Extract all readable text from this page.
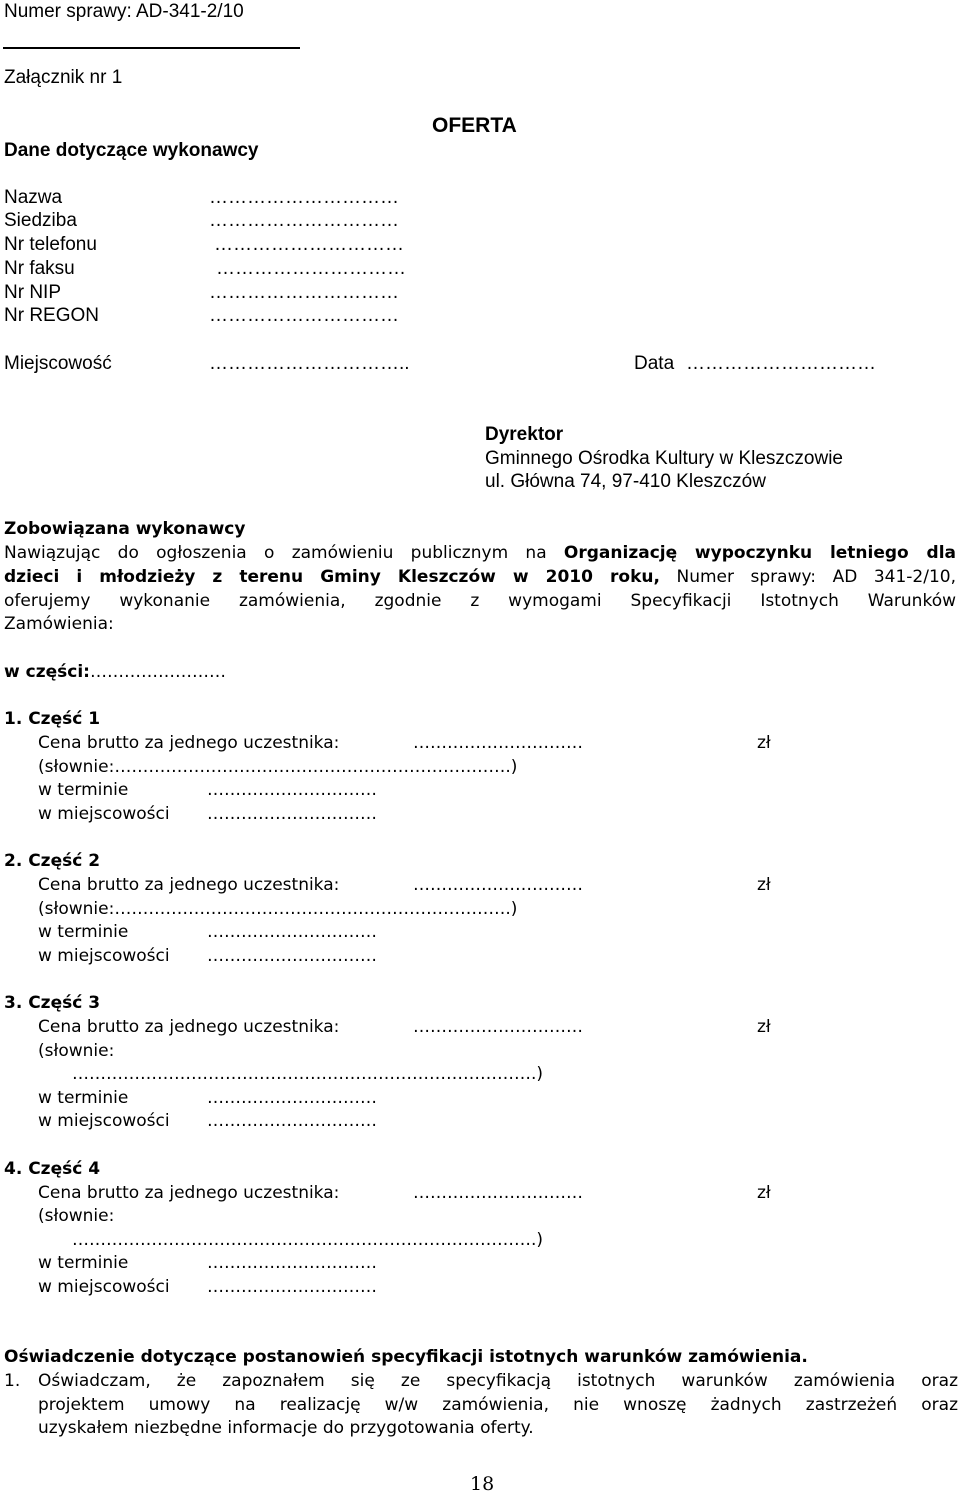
Numer sprawy: AD-341-2/10
Załącznik nr 1
OFERTA
Dane dotyczące wykonawcy
Nazwa	…………………………
Siedziba	…………………………
Nr telefonu	…………………………
Nr faksu	…………………………
Nr NIP	…………………………
Nr REGON	…………………………
Miejscowość	…………………………..	Data …………………………
Dyrektor
Gminnego Ośrodka Kultury w Kleszczowie
ul. Główna 74, 97-410 Kleszczów
Zobowiązana wykonawcy
Nawiązując do ogłoszenia o zamówieniu publicznym na Organizację wypoczynku letniego dla
dzieci i młodzieży z terenu Gminy Kleszczów w 2010 roku, Numer sprawy: AD 341-2/10,
oferujemy wykonanie zamówienia, zgodnie z wymogami Specyfikacji Istotnych Warunków
Zamówienia:
w części:……………………
1. Część 1
Cena brutto za jednego uczestnika:	…………………………	zł
(słownie:…………………………………………………………….)
w terminie	…………………………
w miejscowości …………………………
2. Część 2
Cena brutto za jednego uczestnika:	…………………………	zł
(słownie:…………………………………………………………….)
w terminie	…………………………
w miejscowości …………………………
3. Część 3
Cena brutto za jednego uczestnika:	…………………………	zł
(słownie:
……………………………………………………………………….)
w terminie	…………………………
w miejscowości …………………………
4. Część 4
Cena brutto za jednego uczestnika:	…………………………	zł
(słownie:
……………………………………………………………………….)
w terminie	…………………………
w miejscowości …………………………
Oświadczenie dotyczące postanowień specyfikacji istotnych warunków zamówienia.
1. Oświadczam, że zapoznałem się ze specyfikacją istotnych warunków zamówienia oraz
projektem umowy na realizację w/w zamówienia, nie wnoszę żadnych zastrzeżeń oraz
uzyskałem niezbędne informacje do przygotowania oferty.
18
